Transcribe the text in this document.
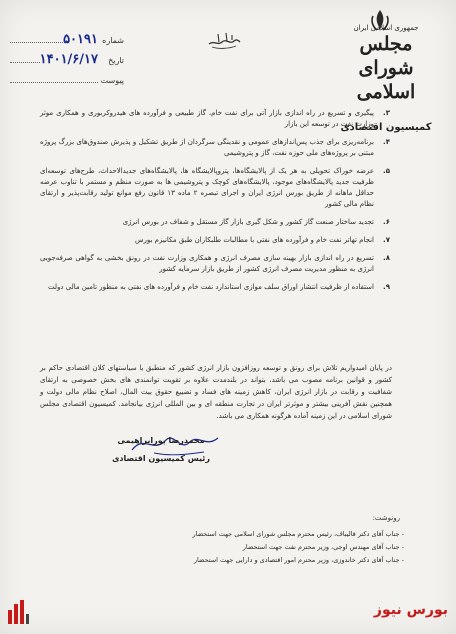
جمهوری اسلامی ایران
مجلس شورای اسلامی
کمیسیون اقتصادی
شماره
۵۰۱۹۱
تاریخ
۱۴۰۱/۶/۱۷
پیوست
۳.
پیگیری و تسریع در راه اندازی بازار آتی برای نفت خام، گاز طبیعی و فرآورده های هیدروکربوری و همکاری موثر وزارت نفت در توسعه این بازار
۴.
برنامه‌ریزی برای جذب پس‌اندازهای عمومی و نقدینگی سرگردان از طریق تشکیل و پذیرش صندوق‌های بزرگ پروژه مبتنی بر پروژه‌های ملی حوزه نفت، گاز و پتروشیمی
۵.
عرضه خوراک تحویلی به هر یک از پالایشگاه‌ها، پتروپالایشگاه ها، پالایشگاه‌های جدیدالاحداث، طرح‌های توسعه‌ای ظرفیت جدید پالایشگاه‌های موجود، پالایشگاه‌های کوچک و پتروشیمی ها به صورت منظم و مستمر با تناوب عرضه حداقل ماهانه از طریق بورس انرژی ایران و اجرای تبصره ۲ ماده ۱۳ قانون رفع موانع تولید رقابت‌پذیر و ارتقای نظام مالی کشور
۶.
تجدید ساختار صنعت گاز کشور و شکل گیری بازار گاز مستقل و شفاف در بورس انرژی
۷.
انجام تهاتر نفت خام و فرآورده های نفتی با مطالبات طلبکاران طبق مکانیزم بورس
۸.
تسریع در راه اندازی بازار بهینه سازی مصرف انرژی و همکاری وزارت نفت در رونق بخشی به گواهی صرفه‌جویی انرژی به منظور مدیریت مصرف انرژی کشور از طریق بازار سرمایه کشور
۹.
استفاده از ظرفیت انتشار اوراق سلف موازی استاندارد نفت خام و فرآورده های نفتی به منظور تامین مالی دولت
در پایان امیدواریم تلاش برای رونق و توسعه روزافزون بازار انرژی کشور که منطبق با سیاستهای کلان اقتصادی حاکم بر کشور و قوانین برنامه مصوب می باشد، بتواند در بلندمدت علاوه بر تقویت توانمندی های بخش خصوصی به ارتقای شفافیت و رقابت در بازار انرژی ایران، کاهش زمینه های فساد و تضییع حقوق بیت المال، اصلاح نظام مالی دولت و همچنین نقش آفرینی بیشتر و موثرتر ایران در تجارت منطقه ای و بین المللی انرژی بیانجامد. کمیسیون اقتصادی مجلس شورای اسلامی در این زمینه آماده هرگونه همکاری می باشد.
محمدرضا پورابراهیمی
رئیس کمیسیون اقتصادی
رونوشت:
- جناب آقای دکتر قالیباف، رئیس محترم مجلس شورای اسلامی جهت استحضار
- جناب آقای مهندس اوجی، وزیر محترم نفت جهت استحضار
- جناب آقای دکتر خاندوزی، وزیر محترم امور اقتصادی و دارایی جهت استحضار
بورس نیوز
